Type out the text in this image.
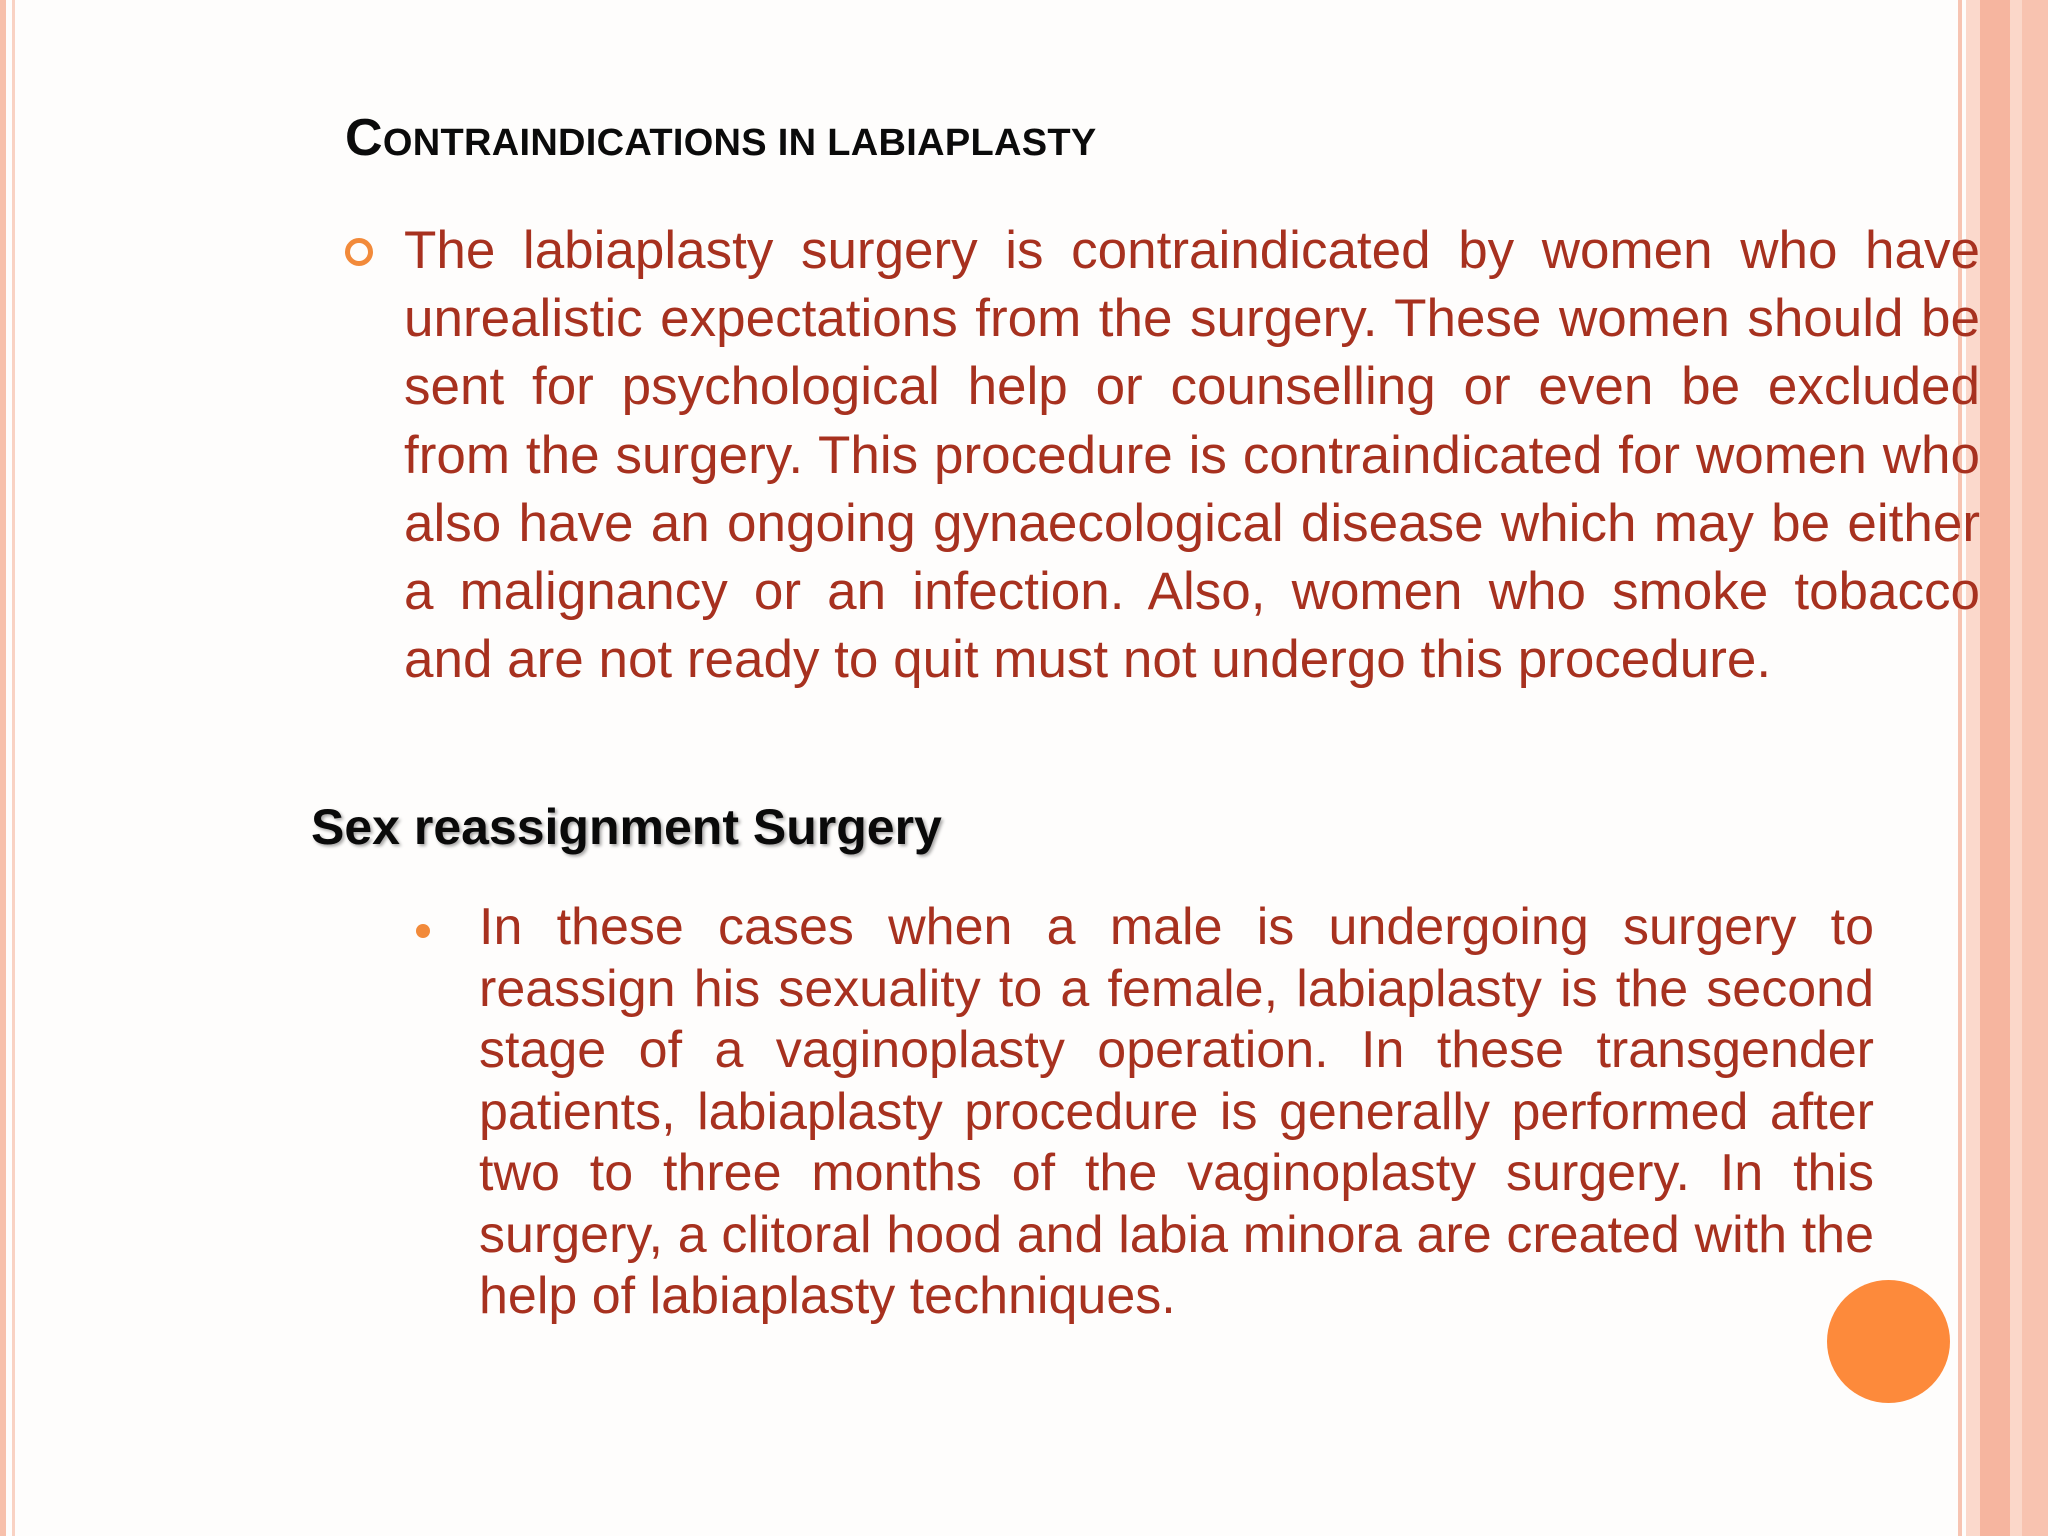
CONTRAINDICATIONS IN LABIAPLASTY

The labiaplasty surgery is contraindicated by women who have unrealistic expectations from the surgery. These women should be sent for psychological help or counselling or even be excluded from the surgery. This procedure is contraindicated for women who also have an ongoing gynaecological disease which may be either a malignancy or an infection. Also, women who smoke tobacco and are not ready to quit must not undergo this procedure.

Sex reassignment Surgery

In these cases when a male is undergoing surgery to reassign his sexuality to a female, labiaplasty is the second stage of a vaginoplasty operation. In these transgender patients, labiaplasty procedure is generally performed after two to three months of the vaginoplasty surgery. In this surgery, a clitoral hood and labia minora are created with the help of labiaplasty techniques.
